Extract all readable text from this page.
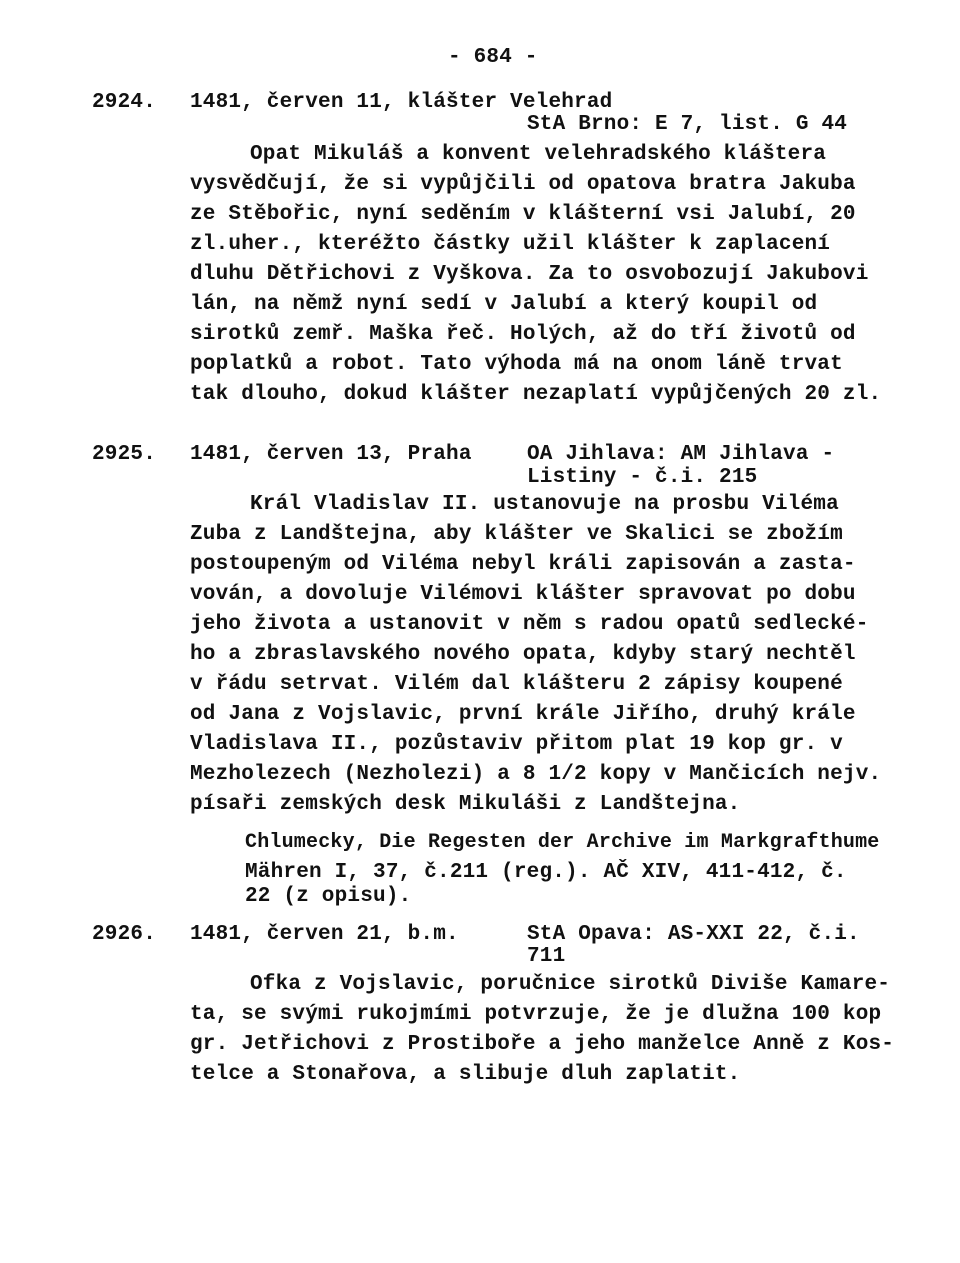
- 684 -
2924. 1481, červen 11, klášter Velehrad
StA Brno: E 7, list. G 44
Opat Mikuláš a konvent velehradského kláštera
vysvědčují, že si vypůjčili od opatova bratra Jakuba
ze Stěbořic, nyní seděním v klášterní vsi Jalubí, 20
zl.uher., kteréžto částky užil klášter k zaplacení
dluhu Dětřichovi z Vyškova. Za to osvobozují Jakubovi
lán, na němž nyní sedí v Jalubí a který koupil od
sirotků zemř. Maška řeč. Holých, až do tří životů od
poplatků a robot. Tato výhoda má na onom láně trvat
tak dlouho, dokud klášter nezaplatí vypůjčených 20 zl.
2925. 1481, červen 13, Praha	OA Jihlava: AM Jihlava -
Listiny - č.i. 215
Král Vladislav II. ustanovuje na prosbu Viléma
Zuba z Landštejna, aby klášter ve Skalici se zbožím
postoupeným od Viléma nebyl králi zapisován a zasta-
vován, a dovoluje Vilémovi klášter spravovat po dobu
jeho života a ustanovit v něm s radou opatů sedlecké-
ho a zbraslavského nového opata, kdyby starý nechtěl
v řádu setrvat. Vilém dal klášteru 2 zápisy koupené
od Jana z Vojslavic, první krále Jiřího, druhý krále
Vladislava II., pozůstaviv přitom plat 19 kop gr. v
Mezholezech (Nezholezi) a 8 1/2 kopy v Mančicích nejv.
písaři zemských desk Mikuláši z Landštejna.
Chlumecky, Die Regesten der Archive im Markgrafthume
Mähren I, 37, č.211 (reg.). AČ XIV, 411-412, č.
22 (z opisu).
2926. 1481, červen 21, b.m.	StA Opava: AS-XXI 22, č.i.
711
Ofka z Vojslavic, poručnice sirotků Diviše Kamare-
ta, se svými rukojmími potvrzuje, že je dlužna 100 kop
gr. Jetřichovi z Prostiboře a jeho manželce Anně z Kos-
telce a Stonařova, a slibuje dluh zaplatit.
